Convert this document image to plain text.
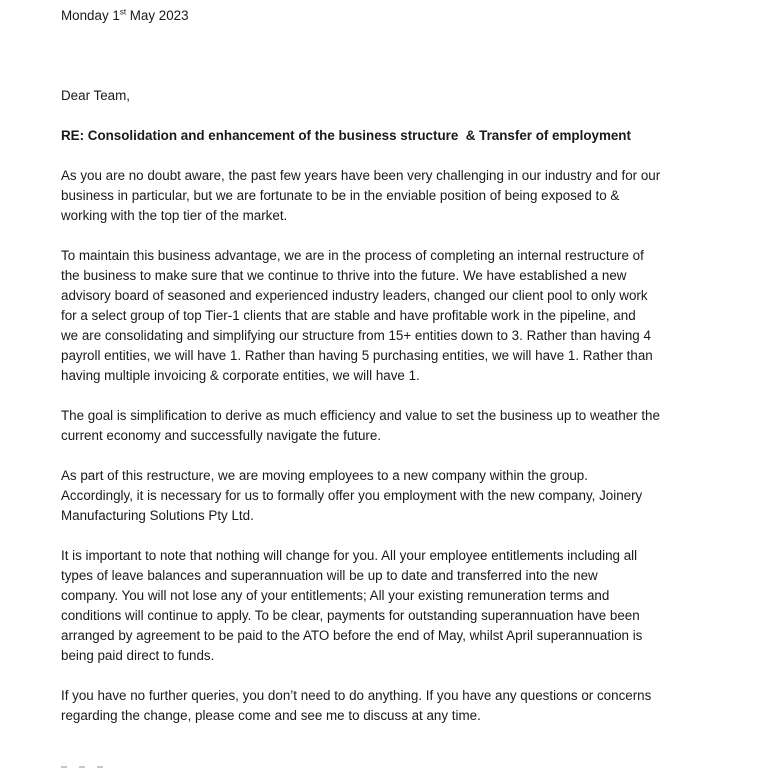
Monday 1st May 2023

Dear Team,

RE: Consolidation and enhancement of the business structure  & Transfer of employment

As you are no doubt aware, the past few years have been very challenging in our industry and for our
business in particular, but we are fortunate to be in the enviable position of being exposed to &
working with the top tier of the market.

To maintain this business advantage, we are in the process of completing an internal restructure of
the business to make sure that we continue to thrive into the future. We have established a new
advisory board of seasoned and experienced industry leaders, changed our client pool to only work
for a select group of top Tier-1 clients that are stable and have profitable work in the pipeline, and
we are consolidating and simplifying our structure from 15+ entities down to 3. Rather than having 4
payroll entities, we will have 1. Rather than having 5 purchasing entities, we will have 1. Rather than
having multiple invoicing & corporate entities, we will have 1.

The goal is simplification to derive as much efficiency and value to set the business up to weather the
current economy and successfully navigate the future.

As part of this restructure, we are moving employees to a new company within the group.
Accordingly, it is necessary for us to formally offer you employment with the new company, Joinery
Manufacturing Solutions Pty Ltd.

It is important to note that nothing will change for you. All your employee entitlements including all
types of leave balances and superannuation will be up to date and transferred into the new
company. You will not lose any of your entitlements; All your existing remuneration terms and
conditions will continue to apply. To be clear, payments for outstanding superannuation have been
arranged by agreement to be paid to the ATO before the end of May, whilst April superannuation is
being paid direct to funds.

If you have no further queries, you don’t need to do anything. If you have any questions or concerns
regarding the change, please come and see me to discuss at any time.
